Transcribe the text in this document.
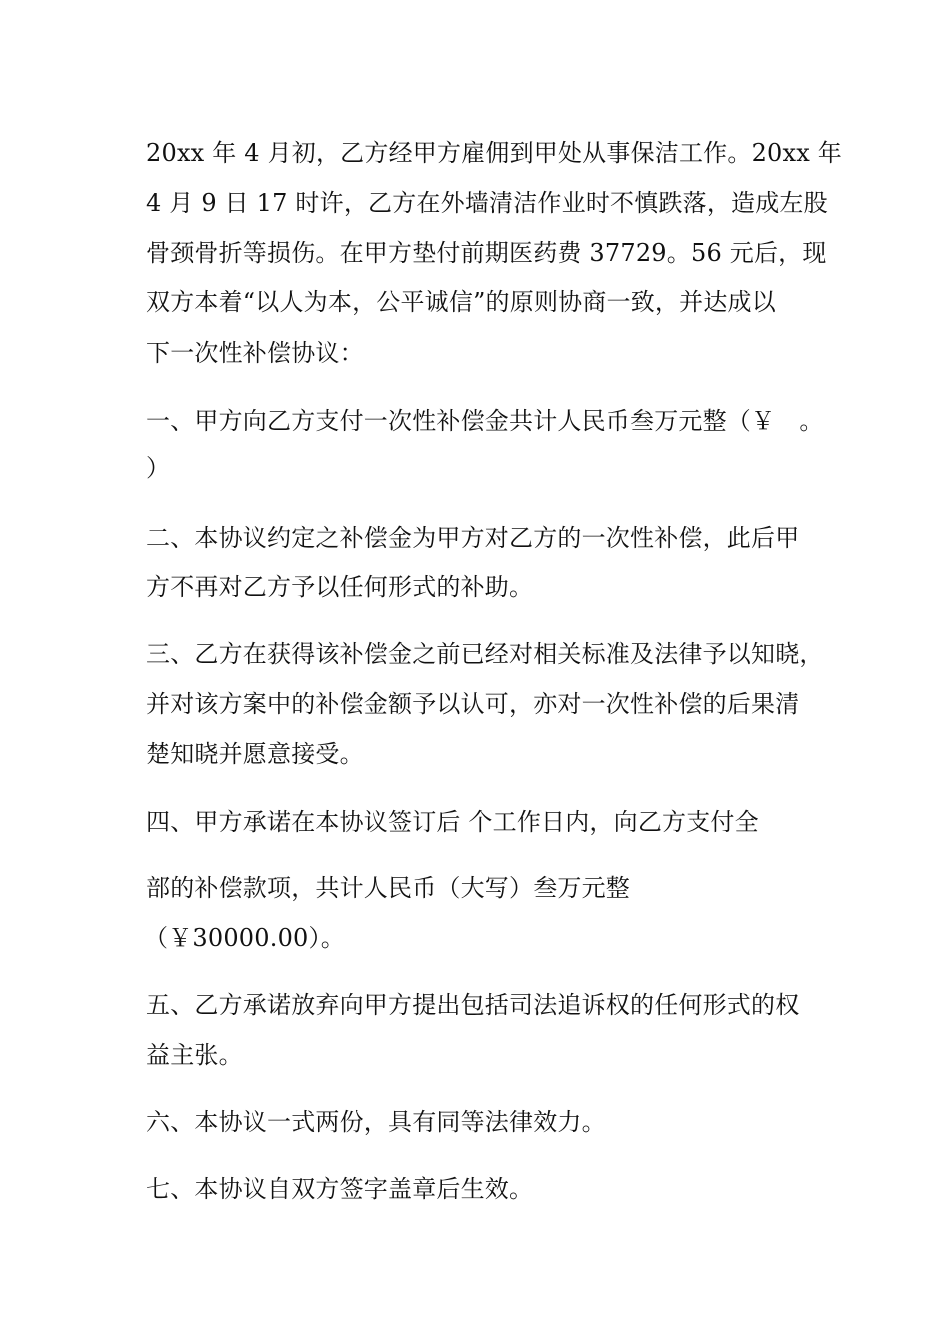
20xx 年 4 月初，乙方经甲方雇佣到甲处从事保洁工作。20xx 年
4 月 9 日 17 时许，乙方在外墙清洁作业时不慎跌落，造成左股
骨颈骨折等损伤。在甲方垫付前期医药费 37729。56 元后，现
双方本着“以人为本，公平诚信”的原则协商一致，并达成以
下一次性补偿协议：
一、甲方向乙方支付一次性补偿金共计人民币叁万元整（￥　。
）
二、本协议约定之补偿金为甲方对乙方的一次性补偿，此后甲
方不再对乙方予以任何形式的补助。
三、乙方在获得该补偿金之前已经对相关标准及法律予以知晓，
并对该方案中的补偿金额予以认可，亦对一次性补偿的后果清
楚知晓并愿意接受。
四、甲方承诺在本协议签订后 个工作日内，向乙方支付全
部的补偿款项，共计人民币（大写）叁万元整
（￥30000.00）。
五、乙方承诺放弃向甲方提出包括司法追诉权的任何形式的权
益主张。
六、本协议一式两份，具有同等法律效力。
七、本协议自双方签字盖章后生效。
